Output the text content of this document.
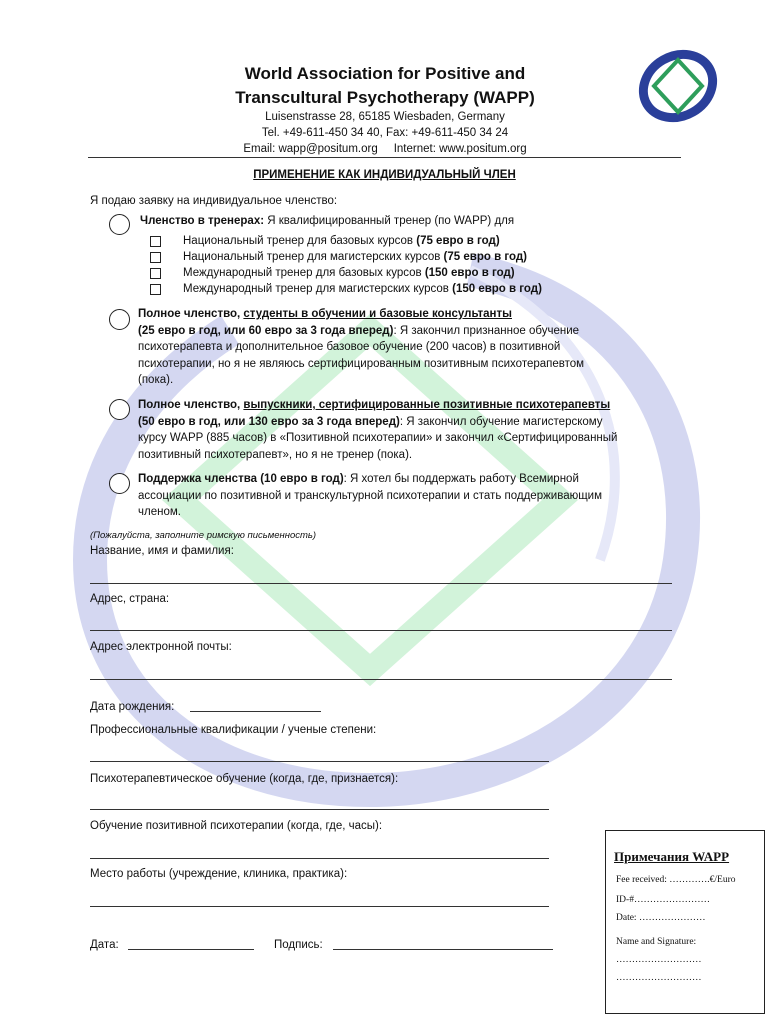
World Association for Positive and
Transcultural Psychotherapy (WAPP)
Luisenstrasse 28, 65185 Wiesbaden, Germany
Tel. +49-611-450 34 40, Fax: +49-611-450 34 24
Email: wapp@positum.org     Internet: www.positum.org
ПРИМЕНЕНИЕ КАК ИНДИВИДУАЛЬНЫЙ ЧЛЕН
Я подаю заявку на индивидуальное членство:
Членство в тренерах: Я квалифицированный тренер (по WAPP) для
Национальный тренер для базовых курсов (75 евро в год)
Национальный тренер для магистерских курсов (75 евро в год)
Международный тренер для базовых курсов (150 евро в год)
Международный тренер для магистерских курсов (150 евро в год)
Полное членство, студенты в обучении и базовые консультанты
(25 евро в год, или 60 евро за 3 года вперед): Я закончил признанное обучение
психотерапевта и дополнительное базовое обучение (200 часов) в позитивной
психотерапии, но я не являюсь сертифицированным позитивным психотерапевтом
(пока).
Полное членство, выпускники, сертифицированные позитивные психотерапевты
(50 евро в год, или 130 евро за 3 года вперед): Я закончил обучение магистерскому
курсу WAPP (885 часов) в «Позитивной психотерапии» и закончил «Сертифицированный
позитивный психотерапевт», но я не тренер (пока).
Поддержка членства (10 евро в год): Я хотел бы поддержать работу Всемирной
ассоциации по позитивной и транскультурной психотерапии и стать поддерживающим
членом.
(Пожалуйста, заполните римскую письменность)
Название, имя и фамилия:
Адрес, страна:
Адрес электронной почты:
Дата рождения:
Профессиональные квалификации / ученые степени:
Психотерапевтическое обучение (когда, где, признается):
Обучение позитивной психотерапии (когда, где, часы):
Место работы (учреждение, клиника, практика):
Дата:	Подпись:
Примечания WAPP
Fee received: ………….€/Euro
ID-#……………………
Date: …………………
Name and Signature:
………………………
………………………
